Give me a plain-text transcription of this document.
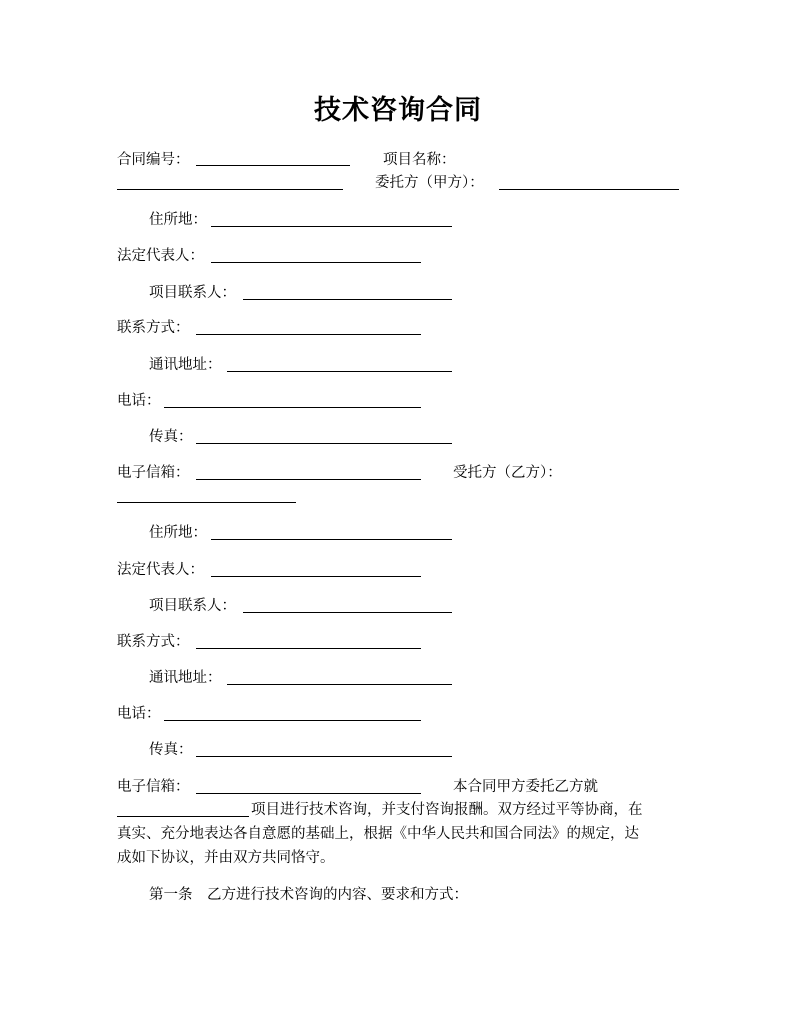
技术咨询合同
合同编号：	项目名称：
委托方（甲方）：
住所地：
法定代表人：
项目联系人：
联系方式：
通讯地址：
电话：
传真：
电子信箱：	受托方（乙方）：
住所地：
法定代表人：
项目联系人：
联系方式：
通讯地址：
电话：
传真：
电子信箱：	本合同甲方委托乙方就
项目进行技术咨询，并支付咨询报酬。双方经过平等协商，在
真实、充分地表达各自意愿的基础上，根据《中华人民共和国合同法》的规定，达
成如下协议，并由双方共同恪守。
第一条　乙方进行技术咨询的内容、要求和方式：
